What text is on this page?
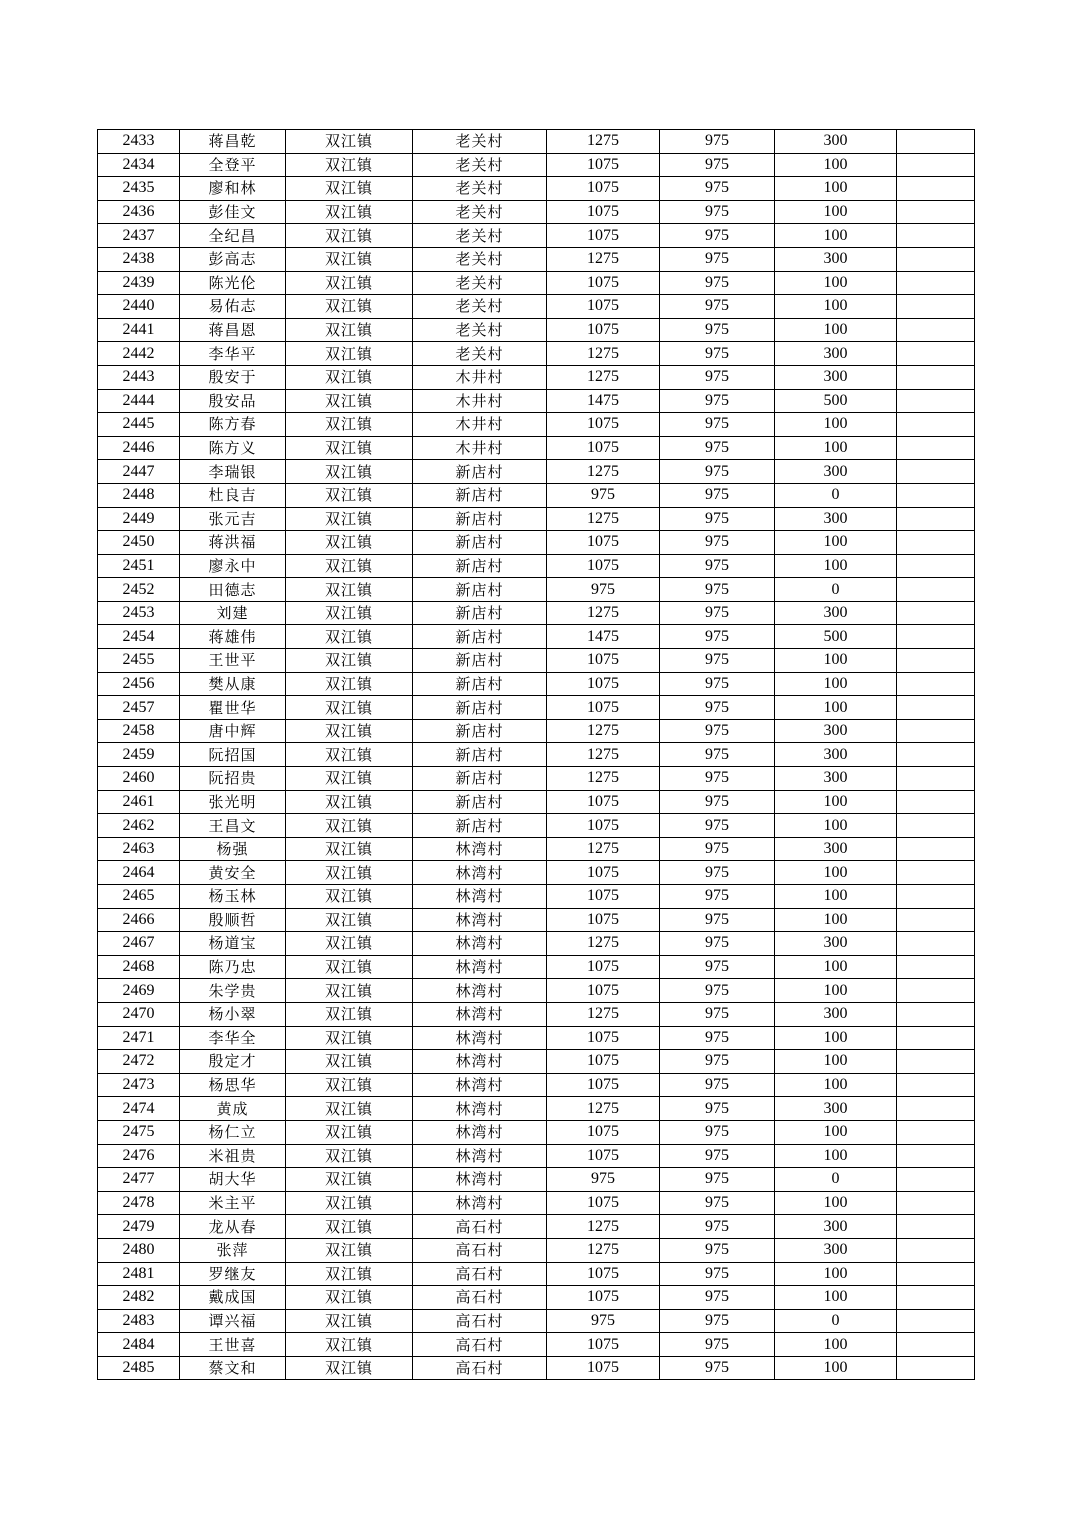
2433	蒋昌乾	双江镇	老关村	1275	975	300	
2434	全登平	双江镇	老关村	1075	975	100	
2435	廖和林	双江镇	老关村	1075	975	100	
2436	彭佳文	双江镇	老关村	1075	975	100	
2437	全纪昌	双江镇	老关村	1075	975	100	
2438	彭高志	双江镇	老关村	1275	975	300	
2439	陈光伦	双江镇	老关村	1075	975	100	
2440	易佑志	双江镇	老关村	1075	975	100	
2441	蒋昌恩	双江镇	老关村	1075	975	100	
2442	李华平	双江镇	老关村	1275	975	300	
2443	殷安于	双江镇	木井村	1275	975	300	
2444	殷安品	双江镇	木井村	1475	975	500	
2445	陈方春	双江镇	木井村	1075	975	100	
2446	陈方义	双江镇	木井村	1075	975	100	
2447	李瑞银	双江镇	新店村	1275	975	300	
2448	杜良吉	双江镇	新店村	975	975	0	
2449	张元吉	双江镇	新店村	1275	975	300	
2450	蒋洪福	双江镇	新店村	1075	975	100	
2451	廖永中	双江镇	新店村	1075	975	100	
2452	田德志	双江镇	新店村	975	975	0	
2453	刘建	双江镇	新店村	1275	975	300	
2454	蒋雄伟	双江镇	新店村	1475	975	500	
2455	王世平	双江镇	新店村	1075	975	100	
2456	樊从康	双江镇	新店村	1075	975	100	
2457	瞿世华	双江镇	新店村	1075	975	100	
2458	唐中辉	双江镇	新店村	1275	975	300	
2459	阮招国	双江镇	新店村	1275	975	300	
2460	阮招贵	双江镇	新店村	1275	975	300	
2461	张光明	双江镇	新店村	1075	975	100	
2462	王昌文	双江镇	新店村	1075	975	100	
2463	杨强	双江镇	林湾村	1275	975	300	
2464	黄安全	双江镇	林湾村	1075	975	100	
2465	杨玉林	双江镇	林湾村	1075	975	100	
2466	殷顺哲	双江镇	林湾村	1075	975	100	
2467	杨道宝	双江镇	林湾村	1275	975	300	
2468	陈乃忠	双江镇	林湾村	1075	975	100	
2469	朱学贵	双江镇	林湾村	1075	975	100	
2470	杨小翠	双江镇	林湾村	1275	975	300	
2471	李华全	双江镇	林湾村	1075	975	100	
2472	殷定才	双江镇	林湾村	1075	975	100	
2473	杨思华	双江镇	林湾村	1075	975	100	
2474	黄成	双江镇	林湾村	1275	975	300	
2475	杨仁立	双江镇	林湾村	1075	975	100	
2476	米祖贵	双江镇	林湾村	1075	975	100	
2477	胡大华	双江镇	林湾村	975	975	0	
2478	米主平	双江镇	林湾村	1075	975	100	
2479	龙从春	双江镇	高石村	1275	975	300	
2480	张萍	双江镇	高石村	1275	975	300	
2481	罗继友	双江镇	高石村	1075	975	100	
2482	戴成国	双江镇	高石村	1075	975	100	
2483	谭兴福	双江镇	高石村	975	975	0	
2484	王世喜	双江镇	高石村	1075	975	100	
2485	蔡文和	双江镇	高石村	1075	975	100	
